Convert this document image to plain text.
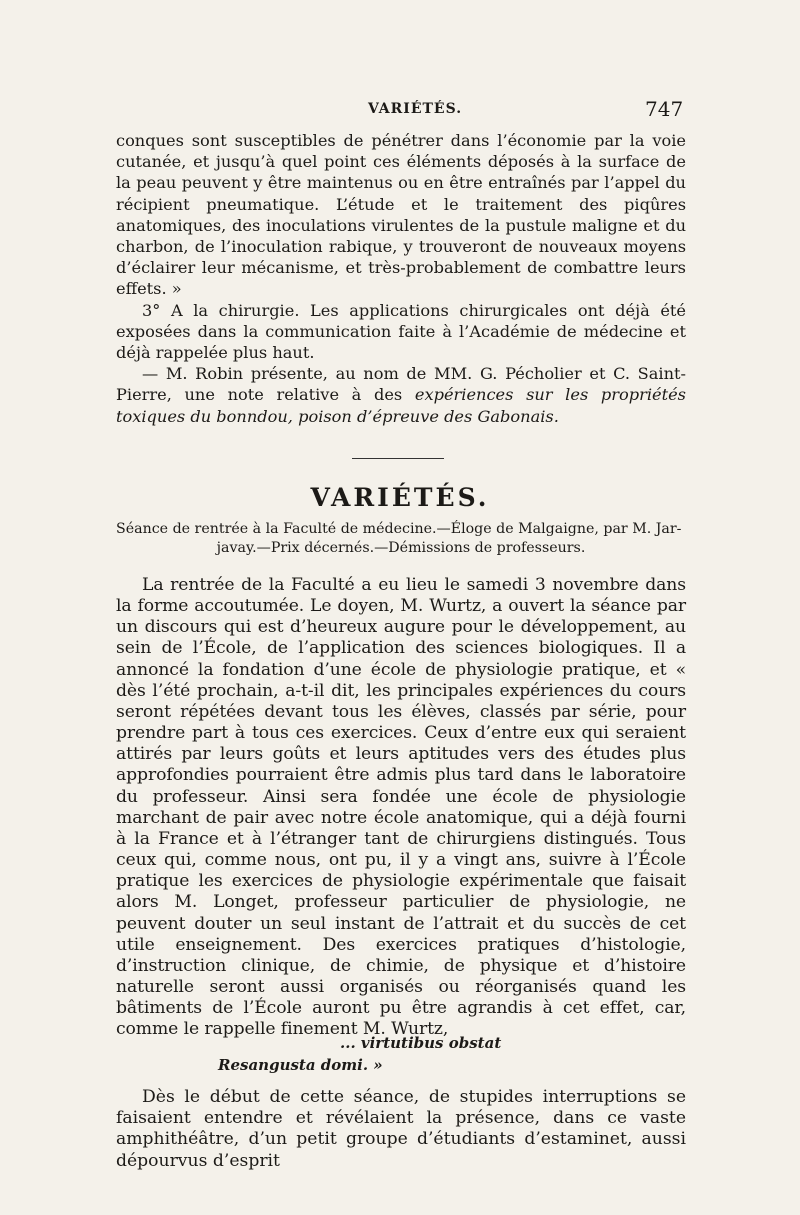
VARIÉTÉS.	747

conques sont susceptibles de pénétrer dans l’économie par la voie cutanée, et jusqu’à quel point ces éléments déposés à la surface de la peau peuvent y être maintenus ou en être entraînés par l’appel du récipient pneumatique. L’étude et le traitement des piqûres anatomiques, des inoculations virulentes de la pustule maligne et du charbon, de l’inoculation rabique, y trouveront de nouveaux moyens d’éclairer leur mécanisme, et très-probablement de combattre leurs effets. »

3° A la chirurgie. Les applications chirurgicales ont déjà été exposées dans la communication faite à l’Académie de médecine et déjà rappelée plus haut.

— M. Robin présente, au nom de MM. G. Pécholier et C. Saint-Pierre, une note relative à des expériences sur les propriétés toxiques du bonndou, poison d’épreuve des Gabonais.

VARIÉTÉS.
Séance de rentrée à la Faculté de médecine.—Éloge de Malgaigne, par M. Jar-
javay.—Prix décernés.—Démissions de professeurs.

La rentrée de la Faculté a eu lieu le samedi 3 novembre dans la forme accoutumée. Le doyen, M. Wurtz, a ouvert la séance par un discours qui est d’heureux augure pour le développement, au sein de l’École, de l’application des sciences biologiques. Il a annoncé la fondation d’une école de physiologie pratique, et « dès l’été prochain, a-t-il dit, les principales expériences du cours seront répétées devant tous les élèves, classés par série, pour prendre part à tous ces exercices. Ceux d’entre eux qui seraient attirés par leurs goûts et leurs aptitudes vers des études plus approfondies pourraient être admis plus tard dans le laboratoire du professeur. Ainsi sera fondée une école de physiologie marchant de pair avec notre école anatomique, qui a déjà fourni à la France et à l’étranger tant de chirurgiens distingués. Tous ceux qui, comme nous, ont pu, il y a vingt ans, suivre à l’École pratique les exercices de physiologie expérimentale que faisait alors M. Longet, professeur particulier de physiologie, ne peuvent douter un seul instant de l’attrait et du succès de cet utile enseignement. Des exercices pratiques d’histologie, d’instruction clinique, de chimie, de physique et d’histoire naturelle seront aussi organisés ou réorganisés quand les bâtiments de l’École auront pu être agrandis à cet effet, car, comme le rappelle finement M. Wurtz,

... virtutibus obstat
Resangusta domi. »

Dès le début de cette séance, de stupides interruptions se faisaient entendre et révélaient la présence, dans ce vaste amphithéâtre, d’un petit groupe d’étudiants d’estaminet, aussi dépourvus d’esprit
